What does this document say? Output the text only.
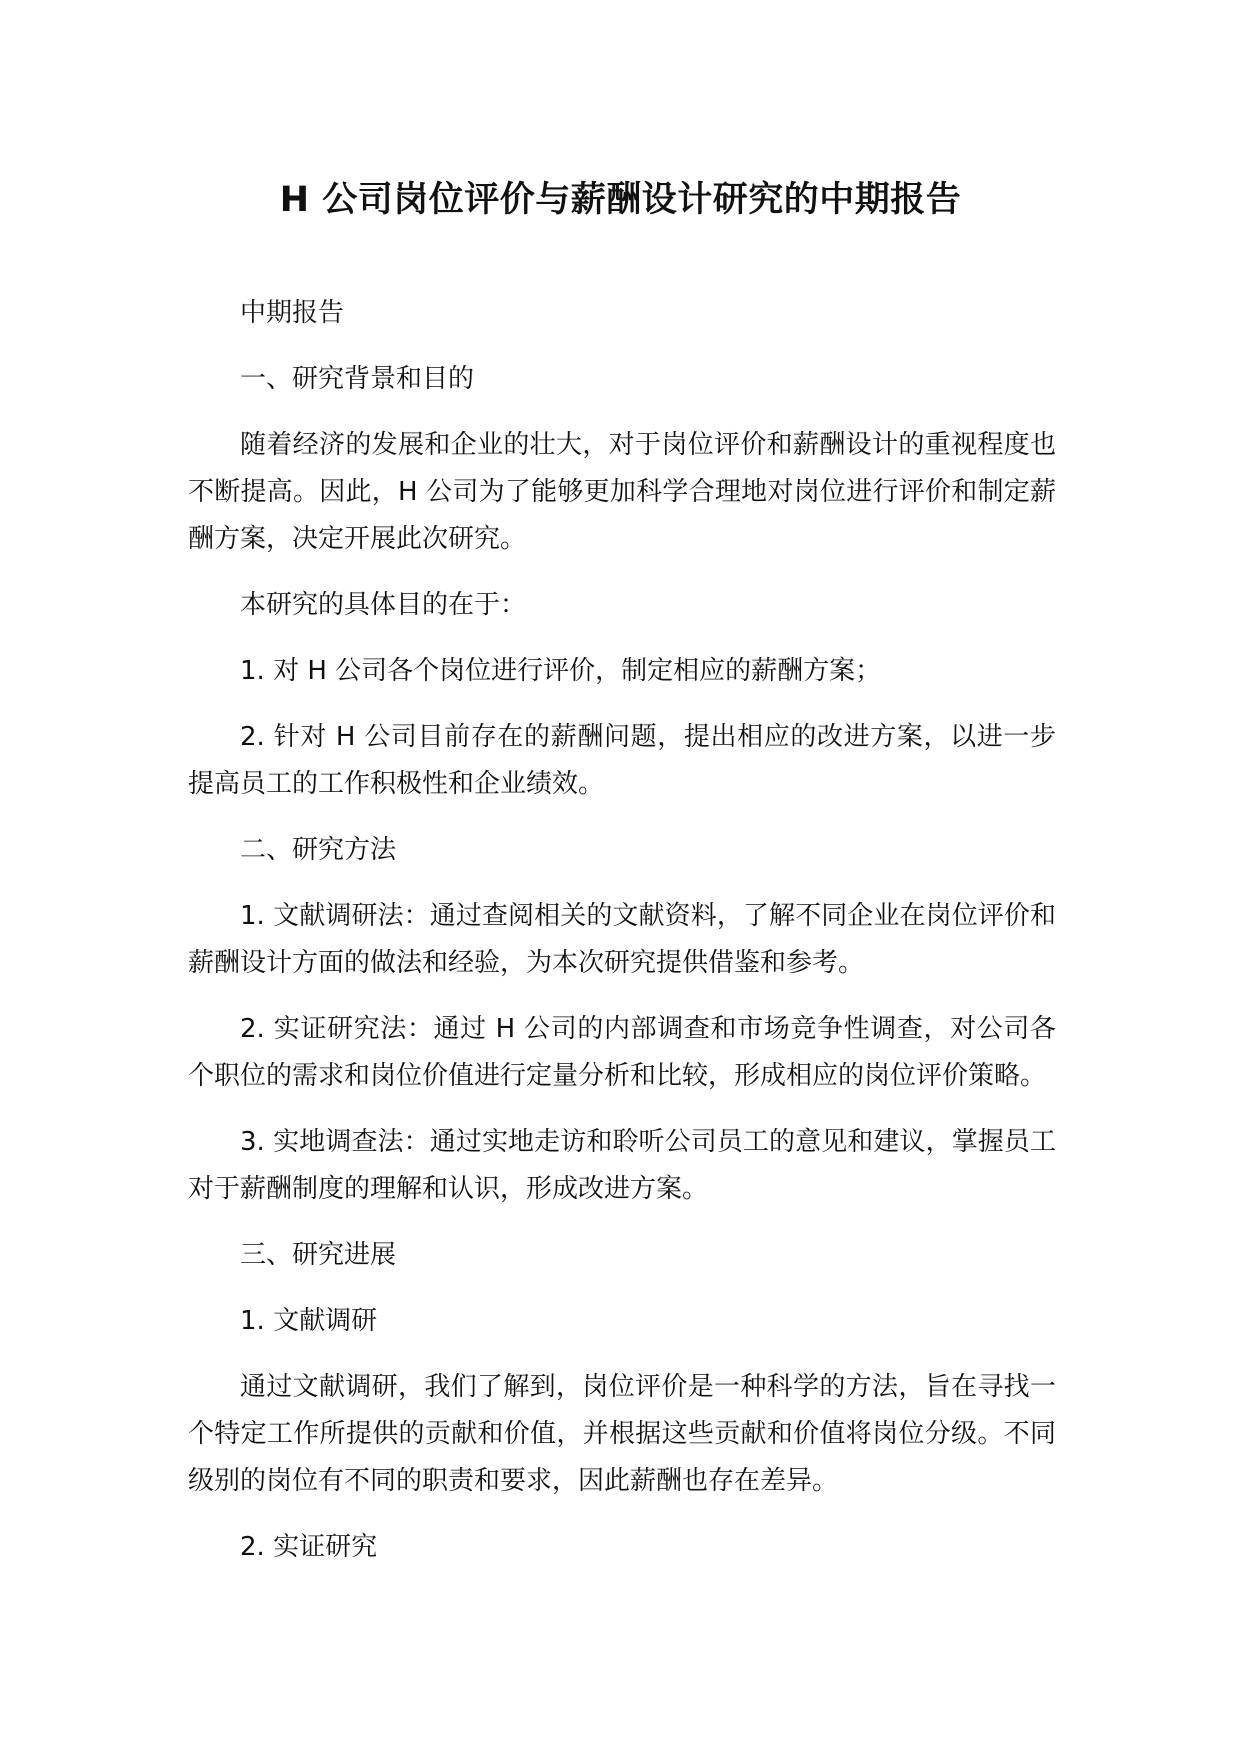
H 公司岗位评价与薪酬设计研究的中期报告

中期报告

一、研究背景和目的

随着经济的发展和企业的壮大，对于岗位评价和薪酬设计的重视程度也不断提高。因此，H 公司为了能够更加科学合理地对岗位进行评价和制定薪酬方案，决定开展此次研究。

本研究的具体目的在于：

1. 对 H 公司各个岗位进行评价，制定相应的薪酬方案；

2. 针对 H 公司目前存在的薪酬问题，提出相应的改进方案，以进一步提高员工的工作积极性和企业绩效。

二、研究方法

1. 文献调研法：通过查阅相关的文献资料，了解不同企业在岗位评价和薪酬设计方面的做法和经验，为本次研究提供借鉴和参考。

2. 实证研究法：通过 H 公司的内部调查和市场竞争性调查，对公司各个职位的需求和岗位价值进行定量分析和比较，形成相应的岗位评价策略。

3. 实地调查法：通过实地走访和聆听公司员工的意见和建议，掌握员工对于薪酬制度的理解和认识，形成改进方案。

三、研究进展

1. 文献调研

通过文献调研，我们了解到，岗位评价是一种科学的方法，旨在寻找一个特定工作所提供的贡献和价值，并根据这些贡献和价值将岗位分级。不同级别的岗位有不同的职责和要求，因此薪酬也存在差异。

2. 实证研究
